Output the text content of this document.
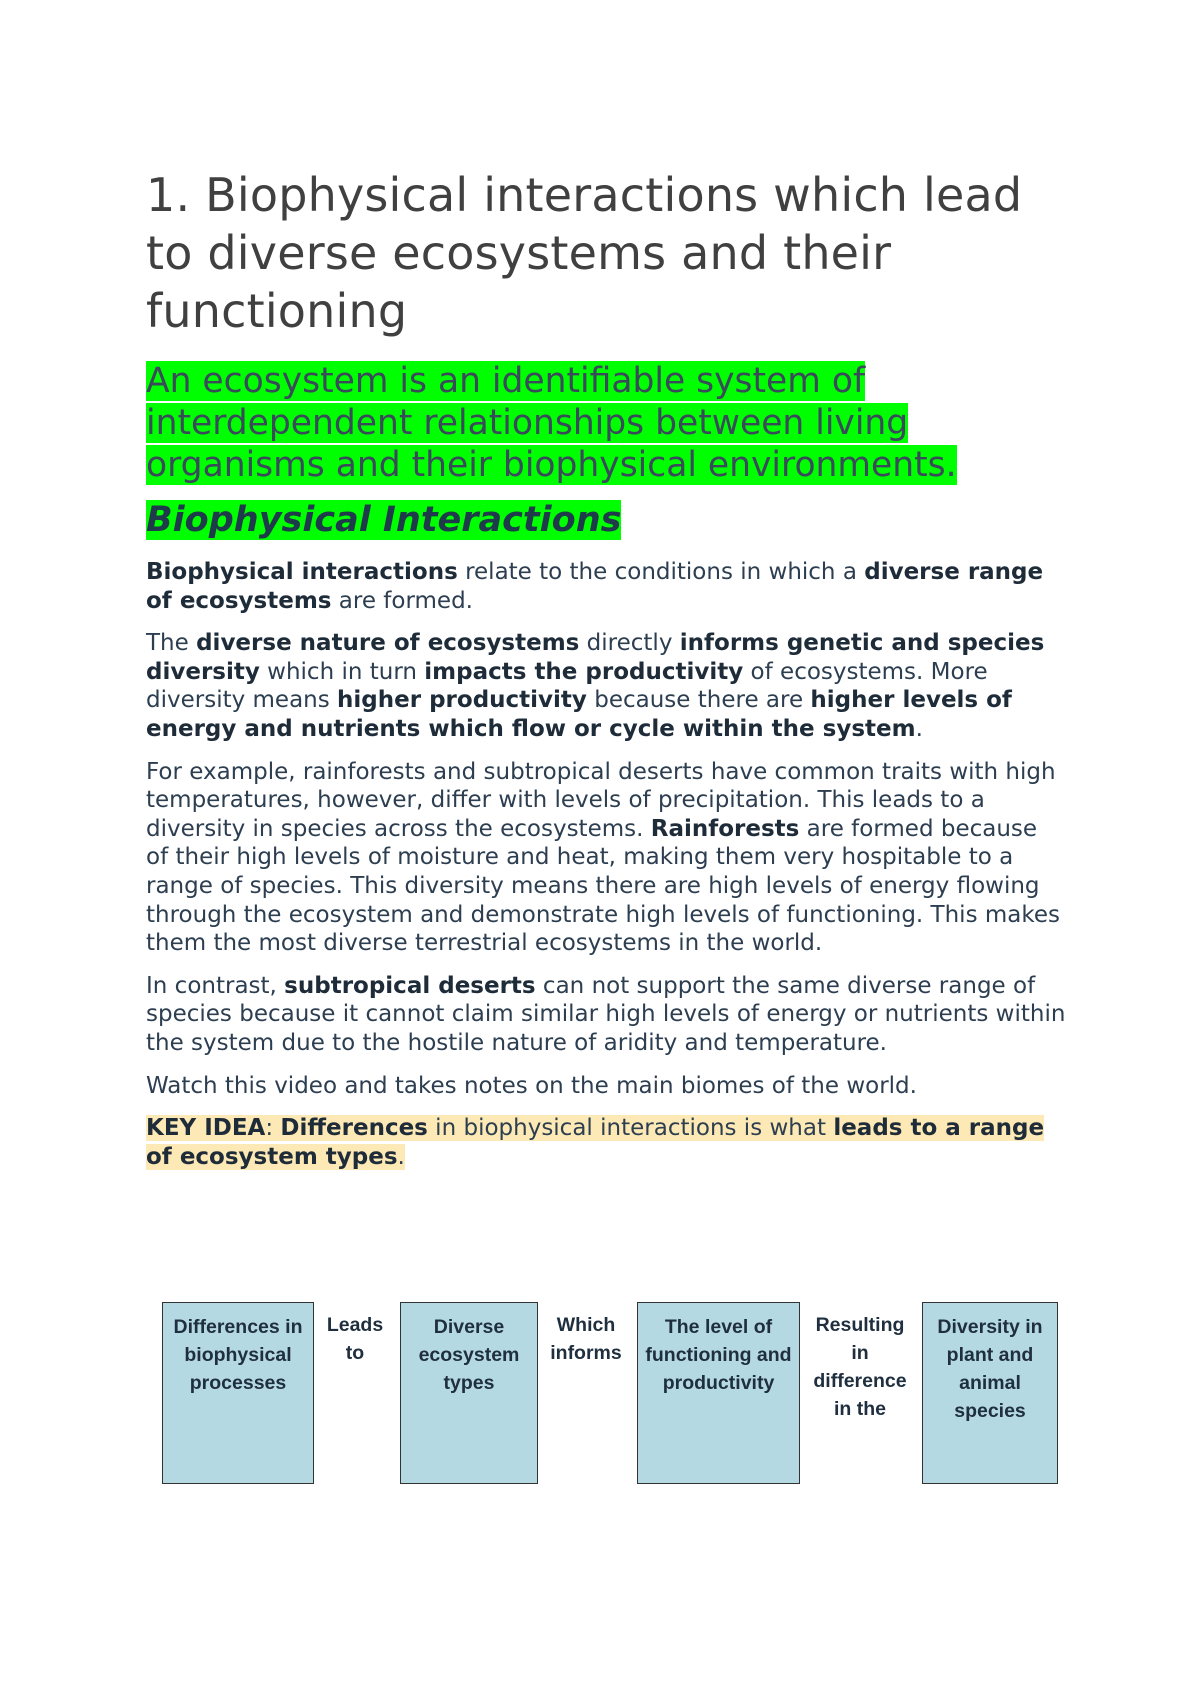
1. Biophysical interactions which lead to diverse ecosystems and their functioning

An ecosystem is an identifiable system of interdependent relationships between living organisms and their biophysical environments.

Biophysical Interactions

Biophysical interactions relate to the conditions in which a diverse range of ecosystems are formed.

The diverse nature of ecosystems directly informs genetic and species diversity which in turn impacts the productivity of ecosystems. More diversity means higher productivity because there are higher levels of energy and nutrients which flow or cycle within the system.

For example, rainforests and subtropical deserts have common traits with high temperatures, however, differ with levels of precipitation. This leads to a diversity in species across the ecosystems. Rainforests are formed because of their high levels of moisture and heat, making them very hospitable to a range of species. This diversity means there are high levels of energy flowing through the ecosystem and demonstrate high levels of functioning. This makes them the most diverse terrestrial ecosystems in the world.

In contrast, subtropical deserts can not support the same diverse range of species because it cannot claim similar high levels of energy or nutrients within the system due to the hostile nature of aridity and temperature.

Watch this video and takes notes on the main biomes of the world.

KEY IDEA: Differences in biophysical interactions is what leads to a range of ecosystem types.

Differences in biophysical processes
Leads to
Diverse ecosystem types
Which informs
The level of functioning and productivity
Resulting in difference in the
Diversity in plant and animal species
